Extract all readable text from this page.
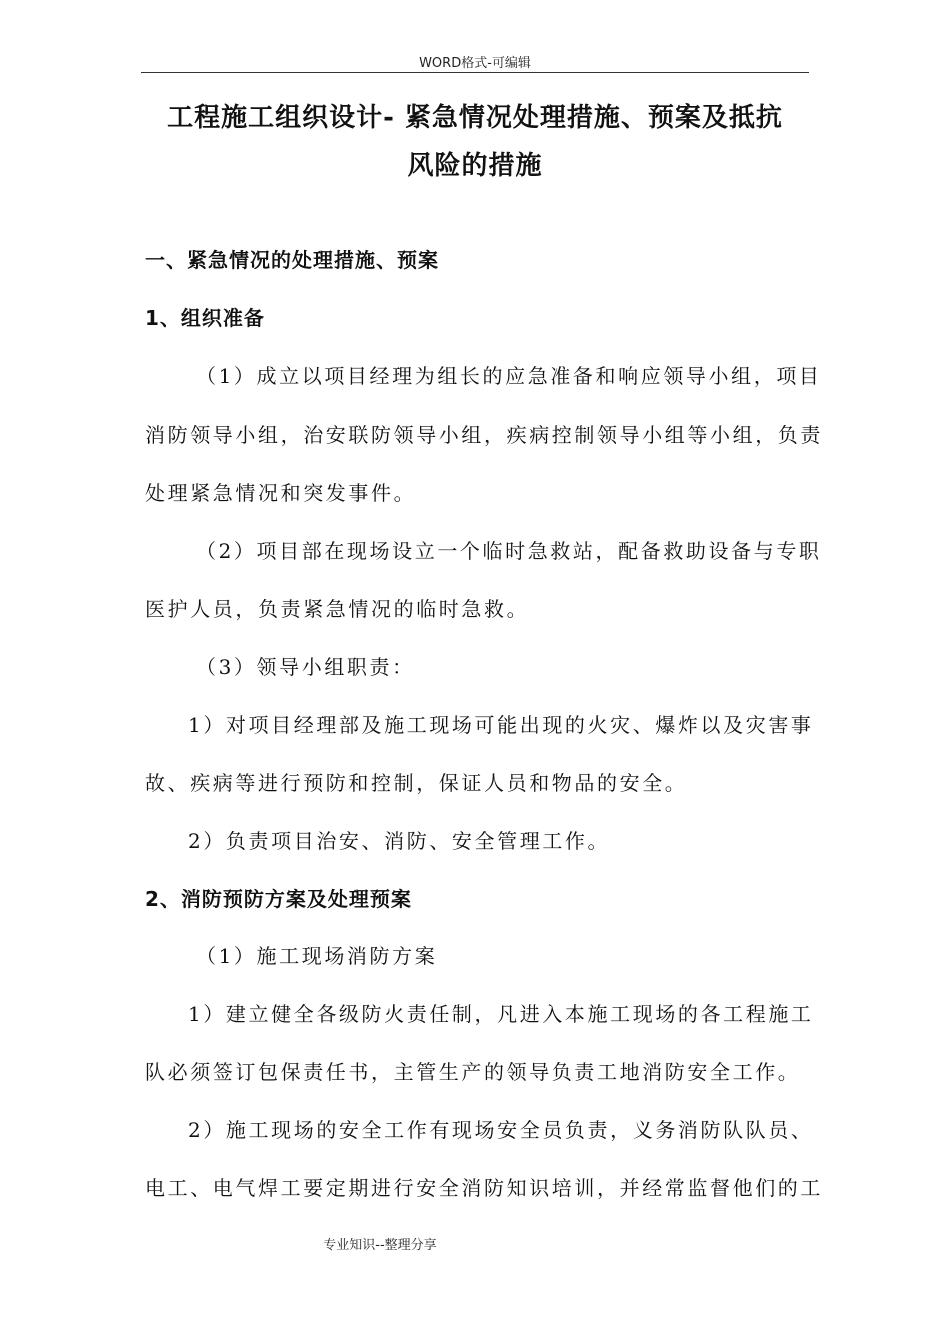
WORD格式-可编辑
工程施工组织设计- 紧急情况处理措施、预案及抵抗
风险的措施
一、紧急情况的处理措施、预案
1、组织准备
（1）成立以项目经理为组长的应急准备和响应领导小组，项目
消防领导小组，治安联防领导小组，疾病控制领导小组等小组，负责
处理紧急情况和突发事件。
（2）项目部在现场设立一个临时急救站，配备救助设备与专职
医护人员，负责紧急情况的临时急救。
（3）领导小组职责：
1）对项目经理部及施工现场可能出现的火灾、爆炸以及灾害事
故、疾病等进行预防和控制，保证人员和物品的安全。
2）负责项目治安、消防、安全管理工作。
2、消防预防方案及处理预案
（1）施工现场消防方案
1）建立健全各级防火责任制，凡进入本施工现场的各工程施工
队必须签订包保责任书，主管生产的领导负责工地消防安全工作。
2）施工现场的安全工作有现场安全员负责，义务消防队队员、
电工、电气焊工要定期进行安全消防知识培训，并经常监督他们的工
专业知识--整理分享
